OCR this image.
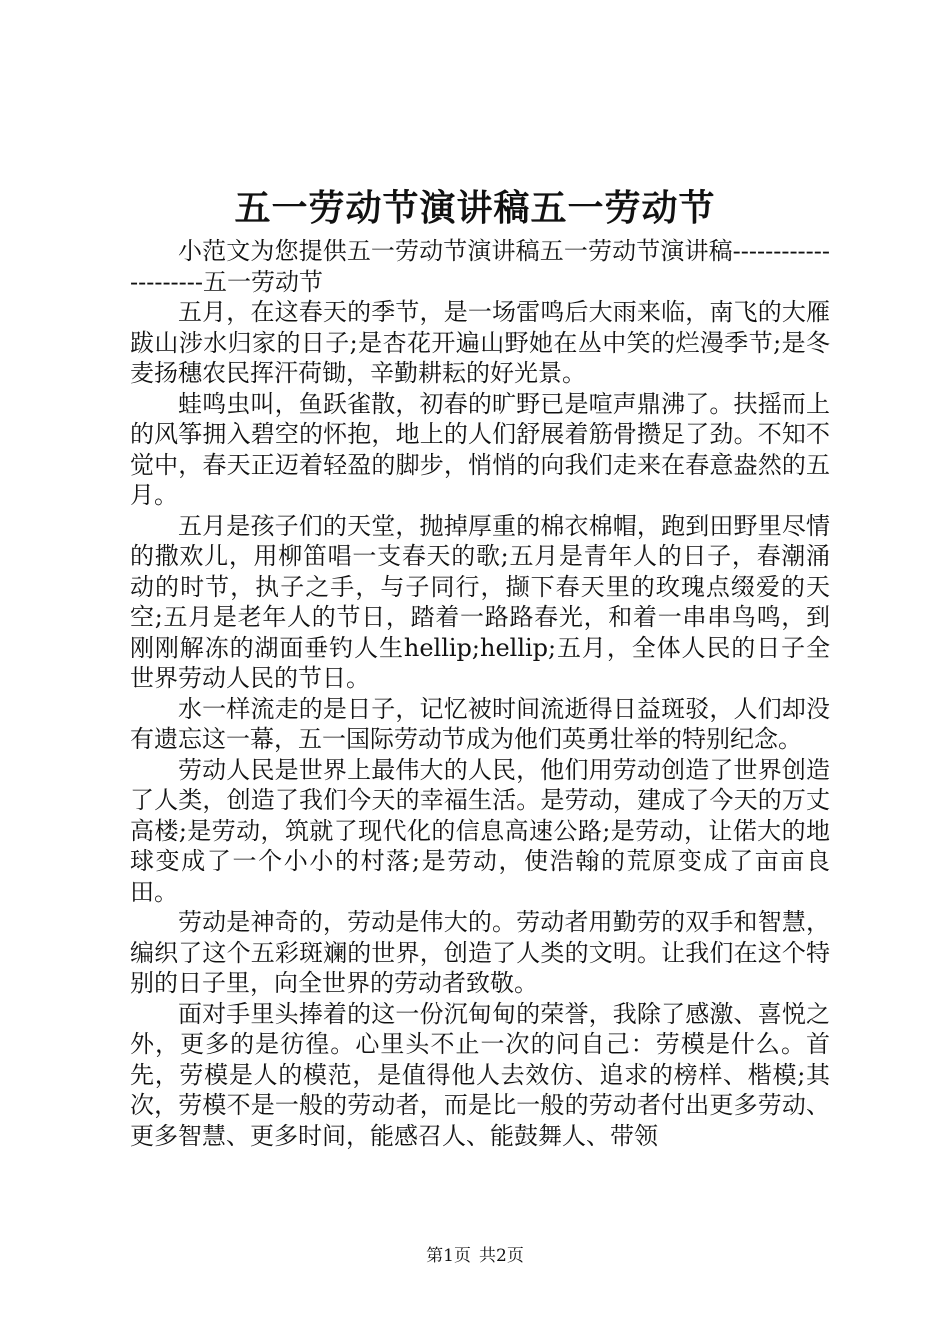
五一劳动节演讲稿五一劳动节

小范文为您提供五一劳动节演讲稿五一劳动节演讲稿---------------------五一劳动节

五月，在这春天的季节，是一场雷鸣后大雨来临，南飞的大雁跋山涉水归家的日子;是杏花开遍山野她在丛中笑的烂漫季节;是冬麦扬穗农民挥汗荷锄，辛勤耕耘的好光景。

蛙鸣虫叫，鱼跃雀散，初春的旷野已是喧声鼎沸了。扶摇而上的风筝拥入碧空的怀抱，地上的人们舒展着筋骨攒足了劲。不知不觉中，春天正迈着轻盈的脚步，悄悄的向我们走来在春意盎然的五月。

五月是孩子们的天堂，抛掉厚重的棉衣棉帽，跑到田野里尽情的撒欢儿，用柳笛唱一支春天的歌;五月是青年人的日子，春潮涌动的时节，执子之手，与子同行，撷下春天里的玫瑰点缀爱的天空;五月是老年人的节日，踏着一路路春光，和着一串串鸟鸣，到刚刚解冻的湖面垂钓人生hellip;hellip;五月，全体人民的日子全世界劳动人民的节日。

水一样流走的是日子，记忆被时间流逝得日益斑驳，人们却没有遗忘这一幕，五一国际劳动节成为他们英勇壮举的特别纪念。

劳动人民是世界上最伟大的人民，他们用劳动创造了世界创造了人类，创造了我们今天的幸福生活。是劳动，建成了今天的万丈高楼;是劳动，筑就了现代化的信息高速公路;是劳动，让偌大的地球变成了一个小小的村落;是劳动，使浩翰的荒原变成了亩亩良田。

劳动是神奇的，劳动是伟大的。劳动者用勤劳的双手和智慧，编织了这个五彩斑斓的世界，创造了人类的文明。让我们在这个特别的日子里，向全世界的劳动者致敬。

面对手里头捧着的这一份沉甸甸的荣誉，我除了感激、喜悦之外，更多的是彷徨。心里头不止一次的问自己：劳模是什么。首先，劳模是人的模范，是值得他人去效仿、追求的榜样、楷模;其次，劳模不是一般的劳动者，而是比一般的劳动者付出更多劳动、更多智慧、更多时间，能感召人、能鼓舞人、带领

第1页 共2页
